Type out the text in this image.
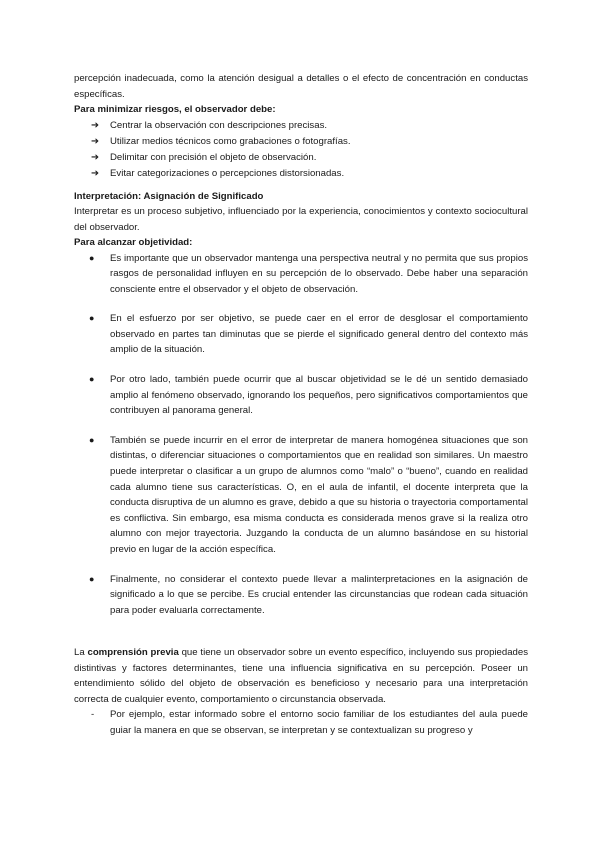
percepción inadecuada, como la atención desigual a detalles o el efecto de concentración en conductas específicas.

Para minimizar riesgos, el observador debe:

➔ Centrar la observación con descripciones precisas.
➔ Utilizar medios técnicos como grabaciones o fotografías.
➔ Delimitar con precisión el objeto de observación.
➔ Evitar categorizaciones o percepciones distorsionadas.

Interpretación: Asignación de Significado

Interpretar es un proceso subjetivo, influenciado por la experiencia, conocimientos y contexto sociocultural del observador.

Para alcanzar objetividad:

● Es importante que un observador mantenga una perspectiva neutral y no permita que sus propios rasgos de personalidad influyen en su percepción de lo observado. Debe haber una separación consciente entre el observador y el objeto de observación.
● En el esfuerzo por ser objetivo, se puede caer en el error de desglosar el comportamiento observado en partes tan diminutas que se pierde el significado general dentro del contexto más amplio de la situación.
● Por otro lado, también puede ocurrir que al buscar objetividad se le dé un sentido demasiado amplio al fenómeno observado, ignorando los pequeños, pero significativos comportamientos que contribuyen al panorama general.
● También se puede incurrir en el error de interpretar de manera homogénea situaciones que son distintas, o diferenciar situaciones o comportamientos que en realidad son similares. Un maestro puede interpretar o clasificar a un grupo de alumnos como “malo” o “bueno”, cuando en realidad cada alumno tiene sus características. O, en el aula de infantil, el docente interpreta que la conducta disruptiva de un alumno es grave, debido a que su historia o trayectoria comportamental es conflictiva. Sin embargo, esa misma conducta es considerada menos grave si la realiza otro alumno con mejor trayectoria. Juzgando la conducta de un alumno basándose en su historial previo en lugar de la acción específica.
● Finalmente, no considerar el contexto puede llevar a malinterpretaciones en la asignación de significado a lo que se percibe. Es crucial entender las circunstancias que rodean cada situación para poder evaluarla correctamente.

La comprensión previa que tiene un observador sobre un evento específico, incluyendo sus propiedades distintivas y factores determinantes, tiene una influencia significativa en su percepción. Poseer un entendimiento sólido del objeto de observación es beneficioso y necesario para una interpretación correcta de cualquier evento, comportamiento o circunstancia observada.

- Por ejemplo, estar informado sobre el entorno socio familiar de los estudiantes del aula puede guiar la manera en que se observan, se interpretan y se contextualizan su progreso y
